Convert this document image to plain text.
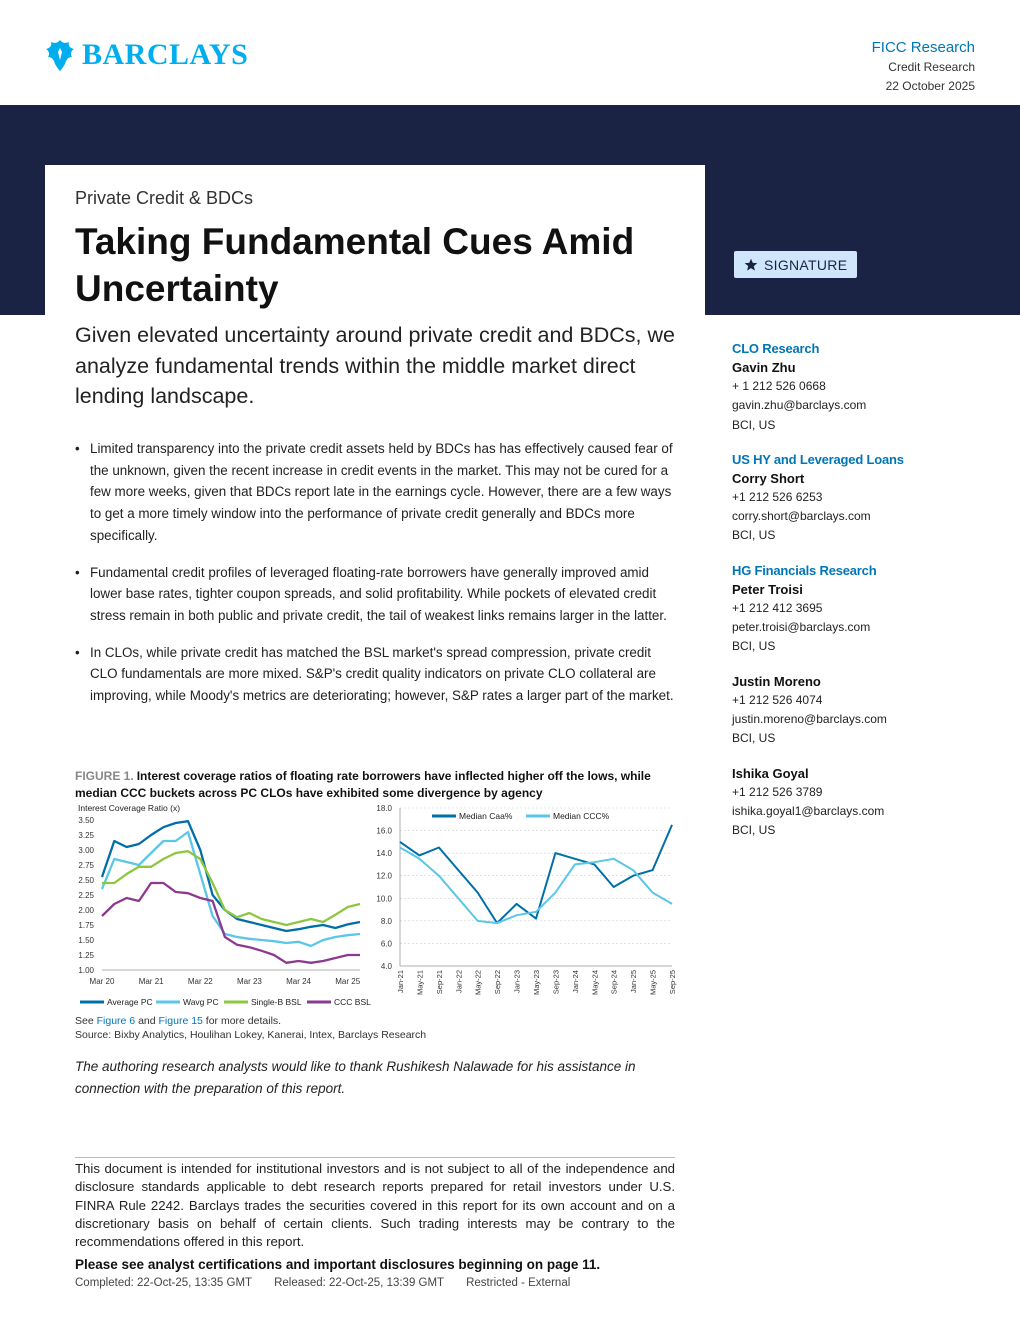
BARCLAYS	FICC Research
Credit Research
22 October 2025
Private Credit & BDCs
Taking Fundamental Cues Amid Uncertainty
SIGNATURE

Given elevated uncertainty around private credit and BDCs, we analyze fundamental trends within the middle market direct lending landscape.

• Limited transparency into the private credit assets held by BDCs has has effectively caused fear of the unknown, given the recent increase in credit events in the market. This may not be cured for a few more weeks, given that BDCs report late in the earnings cycle. However, there are a few ways to get a more timely window into the performance of private credit generally and BDCs more specifically.
• Fundamental credit profiles of leveraged floating-rate borrowers have generally improved amid lower base rates, tighter coupon spreads, and solid profitability. While pockets of elevated credit stress remain in both public and private credit, the tail of weakest links remains larger in the latter.
• In CLOs, while private credit has matched the BSL market's spread compression, private credit CLO fundamentals are more mixed. S&P's credit quality indicators on private CLO collateral are improving, while Moody's metrics are deteriorating; however, S&P rates a larger part of the market.
FIGURE 1. Interest coverage ratios of floating rate borrowers have inflected higher off the lows, while median CCC buckets across PC CLOs have exhibited some divergence by agency
Interest Coverage Ratio (x)
3.50
3.25
3.00
2.75
2.50
2.25
2.00
1.75
1.50
1.25
1.00
Mar 20	Mar 21	Mar 22	Mar 23	Mar 24	Mar 25
Average PC	Wavg PC	Single-B BSL	CCC BSL
18.0
16.0
14.0
12.0
10.0
8.0
6.0
4.0
Jan-21 May-21 Sep-21 Jan-22 May-22 Sep-22 Jan-23 May-23 Sep-23 Jan-24 May-24 Sep-24 Jan-25 May-25 Sep-25
Median Caa%	Median CCC%
See Figure 6 and Figure 15 for more details.
Source: Bixby Analytics, Houlihan Lokey, Kanerai, Intex, Barclays Research

The authoring research analysts would like to thank Rushikesh Nalawade for his assistance in connection with the preparation of this report.

This document is intended for institutional investors and is not subject to all of the independence and disclosure standards applicable to debt research reports prepared for retail investors under U.S. FINRA Rule 2242. Barclays trades the securities covered in this report for its own account and on a discretionary basis on behalf of certain clients. Such trading interests may be contrary to the recommendations offered in this report.

Please see analyst certifications and important disclosures beginning on page 11.
Completed: 22-Oct-25, 13:35 GMT Released: 22-Oct-25, 13:39 GMT Restricted - External
CLO Research
Gavin Zhu
+ 1 212 526 0668
gavin.zhu@barclays.com
BCI, US
US HY and Leveraged Loans
Corry Short
+1 212 526 6253
corry.short@barclays.com
BCI, US
HG Financials Research
Peter Troisi
+1 212 412 3695
peter.troisi@barclays.com
BCI, US
Justin Moreno
+1 212 526 4074
justin.moreno@barclays.com
BCI, US
Ishika Goyal
+1 212 526 3789
ishika.goyal1@barclays.com
BCI, US
